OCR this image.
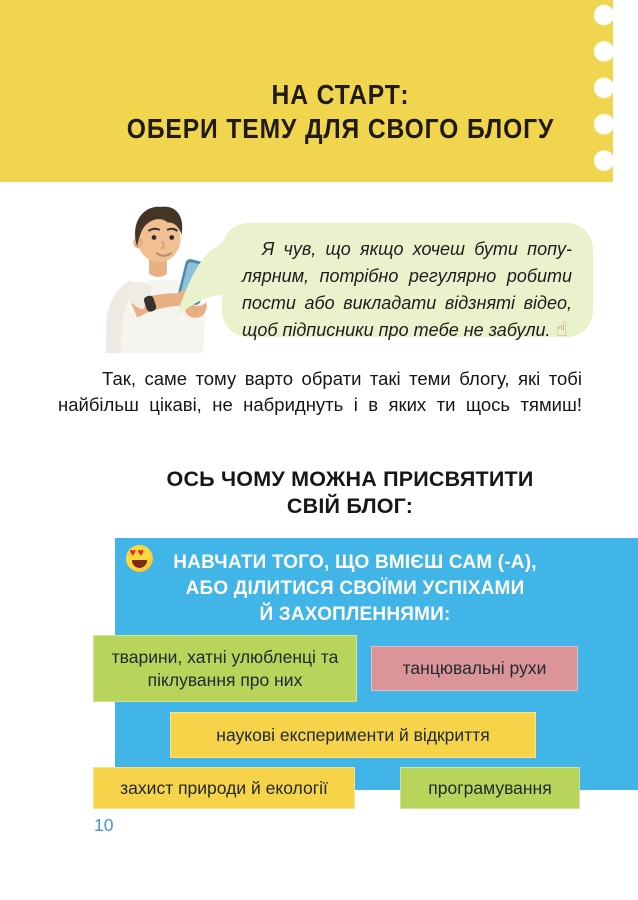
НА СТАРТ:
ОБЕРИ ТЕМУ ДЛЯ СВОГО БЛОГУ

Я чув, що якщо хочеш бути попу-
лярним, потрібно регулярно робити
пости або викладати відзняті відео,
щоб підписники про тебе не забули. ☝

Так, саме тому варто обрати такі теми блогу, які тобі
найбільш цікаві, не набриднуть і в яких ти щось тямиш!

ОСЬ ЧОМУ МОЖНА ПРИСВЯТИТИ
СВІЙ БЛОГ:
♥♥
НАВЧАТИ ТОГО, ЩО ВМІЄШ САМ (-А),
АБО ДІЛИТИСЯ СВОЇМИ УСПІХАМИ
Й ЗАХОПЛЕННЯМИ:
тварини, хатні улюбленці та піклування про них
танцювальні рухи
наукові експерименти й відкриття
захист природи й екології	програмування
10
